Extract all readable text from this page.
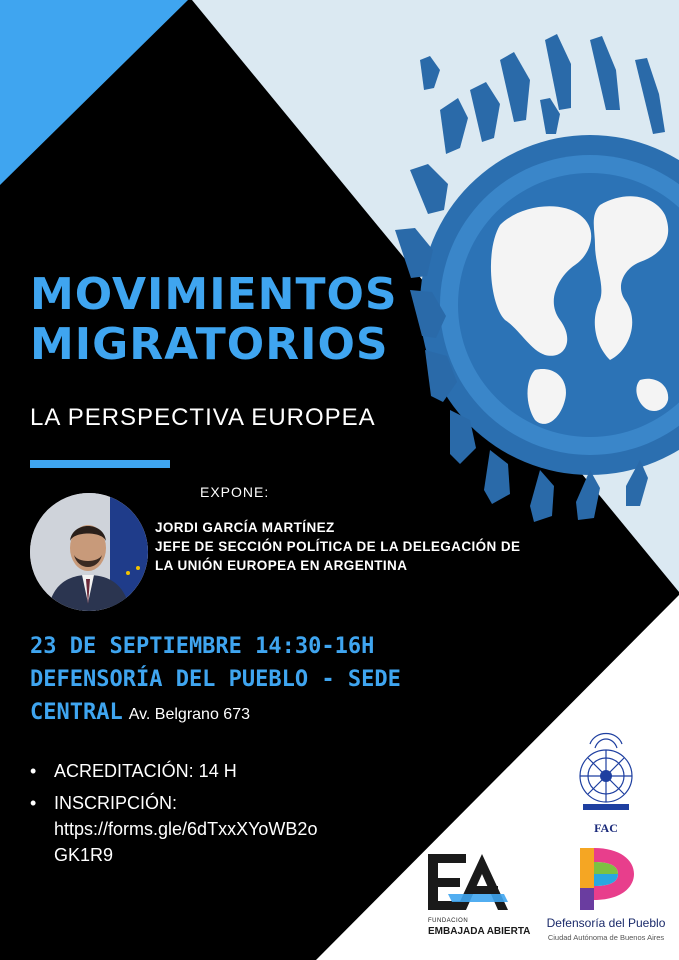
MOVIMIENTOS
MIGRATORIOS
LA PERSPECTIVA EUROPEA
EXPONE:
JORDI GARCÍA MARTÍNEZ
JEFE DE SECCIÓN POLÍTICA DE LA DELEGACIÓN DE
LA UNIÓN EUROPEA EN ARGENTINA
23 DE SEPTIEMBRE 14:30-16H
DEFENSORÍA DEL PUEBLO - SEDE
CENTRAL Av. Belgrano 673
• ACREDITACIÓN: 14 H
• INSCRIPCIÓN:
https://forms.gle/6dTxxXYoWB2o
GK1R9
FAC
FUNDACION
EMBAJADA ABIERTA
Defensoría del Pueblo
Ciudad Autónoma de Buenos Aires
